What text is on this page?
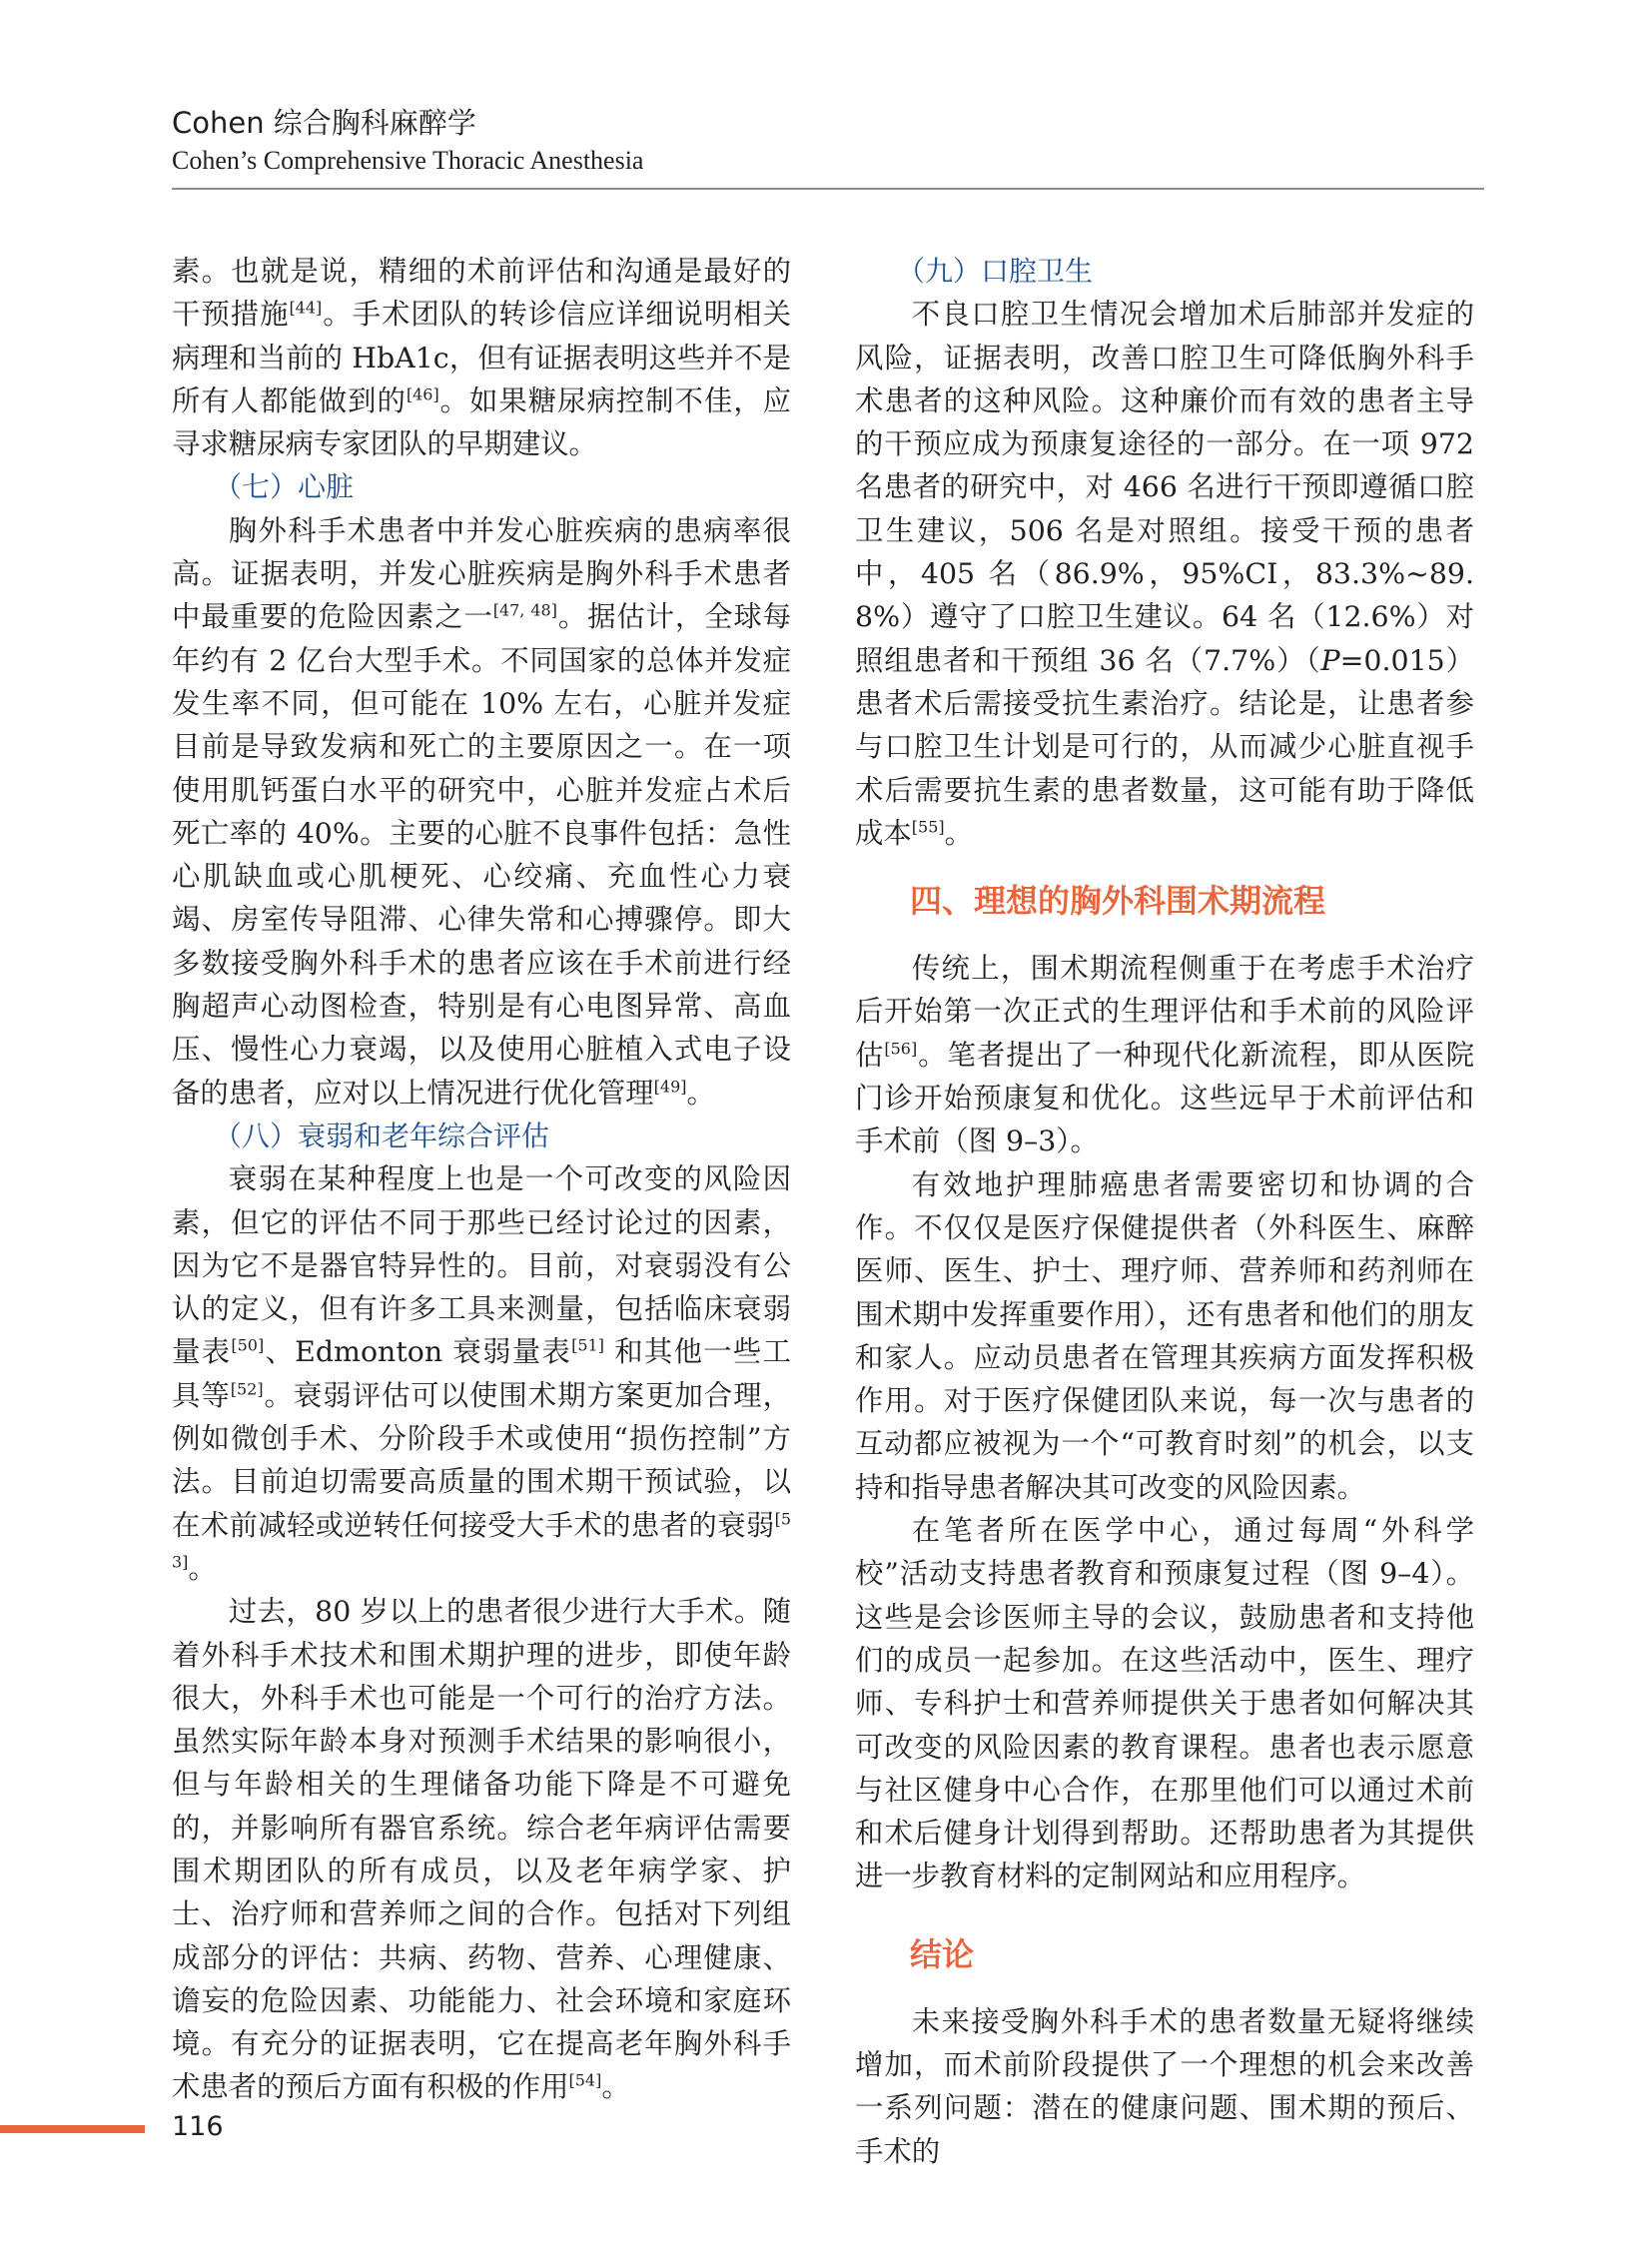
Cohen 综合胸科麻醉学
Cohen’s Comprehensive Thoracic Anesthesia

素。也就是说，精细的术前评估和沟通是最好的干预措施[44]。手术团队的转诊信应详细说明相关病理和当前的 HbA1c，但有证据表明这些并不是所有人都能做到的[46]。如果糖尿病控制不佳，应寻求糖尿病专家团队的早期建议。

（七）心脏

胸外科手术患者中并发心脏疾病的患病率很高。证据表明，并发心脏疾病是胸外科手术患者中最重要的危险因素之一[47, 48]。据估计，全球每年约有 2 亿台大型手术。不同国家的总体并发症发生率不同，但可能在 10% 左右，心脏并发症目前是导致发病和死亡的主要原因之一。在一项使用肌钙蛋白水平的研究中，心脏并发症占术后死亡率的 40%。主要的心脏不良事件包括：急性心肌缺血或心肌梗死、心绞痛、充血性心力衰竭、房室传导阻滞、心律失常和心搏骤停。即大多数接受胸外科手术的患者应该在手术前进行经胸超声心动图检查，特别是有心电图异常、高血压、慢性心力衰竭，以及使用心脏植入式电子设备的患者，应对以上情况进行优化管理[49]。

（八）衰弱和老年综合评估

衰弱在某种程度上也是一个可改变的风险因素，但它的评估不同于那些已经讨论过的因素，因为它不是器官特异性的。目前，对衰弱没有公认的定义，但有许多工具来测量，包括临床衰弱量表[50]、Edmonton 衰弱量表[51] 和其他一些工具等[52]。衰弱评估可以使围术期方案更加合理，例如微创手术、分阶段手术或使用“损伤控制”方法。目前迫切需要高质量的围术期干预试验，以在术前减轻或逆转任何接受大手术的患者的衰弱[53]。

过去，80 岁以上的患者很少进行大手术。随着外科手术技术和围术期护理的进步，即使年龄很大，外科手术也可能是一个可行的治疗方法。虽然实际年龄本身对预测手术结果的影响很小，但与年龄相关的生理储备功能下降是不可避免的，并影响所有器官系统。综合老年病评估需要围术期团队的所有成员，以及老年病学家、护士、治疗师和营养师之间的合作。包括对下列组成部分的评估：共病、药物、营养、心理健康、谵妄的危险因素、功能能力、社会环境和家庭环境。有充分的证据表明，它在提高老年胸外科手术患者的预后方面有积极的作用[54]。

（九）口腔卫生

不良口腔卫生情况会增加术后肺部并发症的风险，证据表明，改善口腔卫生可降低胸外科手术患者的这种风险。这种廉价而有效的患者主导的干预应成为预康复途径的一部分。在一项 972 名患者的研究中，对 466 名进行干预即遵循口腔卫生建议，506 名是对照组。接受干预的患者中，405 名（86.9%，95%CI，83.3%~89.8%）遵守了口腔卫生建议。64 名（12.6%）对照组患者和干预组 36 名（7.7%）（P=0.015）患者术后需接受抗生素治疗。结论是，让患者参与口腔卫生计划是可行的，从而减少心脏直视手术后需要抗生素的患者数量，这可能有助于降低成本[55]。

四、理想的胸外科围术期流程

传统上，围术期流程侧重于在考虑手术治疗后开始第一次正式的生理评估和手术前的风险评估[56]。笔者提出了一种现代化新流程，即从医院门诊开始预康复和优化。这些远早于术前评估和手术前（图 9–3）。

有效地护理肺癌患者需要密切和协调的合作。不仅仅是医疗保健提供者（外科医生、麻醉医师、医生、护士、理疗师、营养师和药剂师在围术期中发挥重要作用），还有患者和他们的朋友和家人。应动员患者在管理其疾病方面发挥积极作用。对于医疗保健团队来说，每一次与患者的互动都应被视为一个“可教育时刻”的机会，以支持和指导患者解决其可改变的风险因素。

在笔者所在医学中心，通过每周“外科学校”活动支持患者教育和预康复过程（图 9–4）。这些是会诊医师主导的会议，鼓励患者和支持他们的成员一起参加。在这些活动中，医生、理疗师、专科护士和营养师提供关于患者如何解决其可改变的风险因素的教育课程。患者也表示愿意与社区健身中心合作，在那里他们可以通过术前和术后健身计划得到帮助。还帮助患者为其提供进一步教育材料的定制网站和应用程序。

结论

未来接受胸外科手术的患者数量无疑将继续增加，而术前阶段提供了一个理想的机会来改善一系列问题：潜在的健康问题、围术期的预后、手术的

116
